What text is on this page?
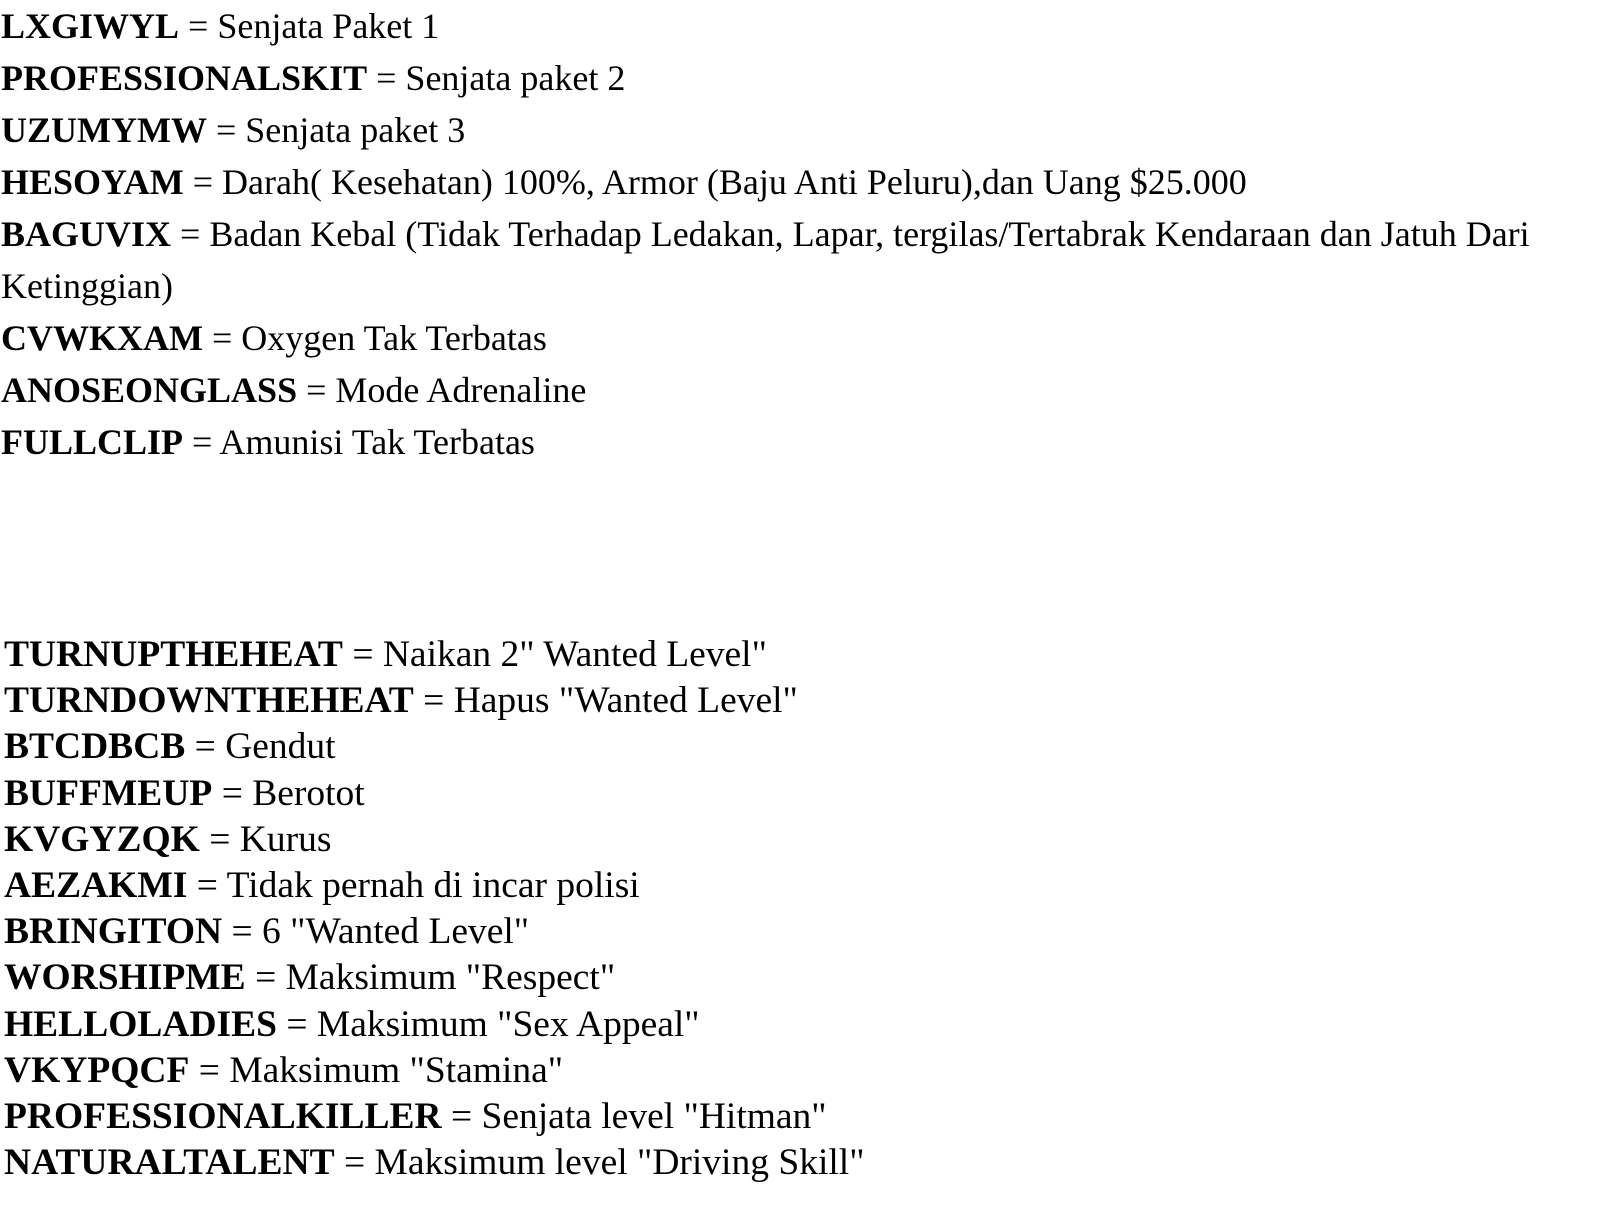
LXGIWYL = Senjata Paket 1
PROFESSIONALSKIT = Senjata paket 2
UZUMYMW = Senjata paket 3
HESOYAM = Darah( Kesehatan) 100%, Armor (Baju Anti Peluru),dan Uang $25.000
BAGUVIX = Badan Kebal (Tidak Terhadap Ledakan, Lapar, tergilas/Tertabrak Kendaraan dan Jatuh Dari Ketinggian)
CVWKXAM = Oxygen Tak Terbatas
ANOSEONGLASS = Mode Adrenaline
FULLCLIP = Amunisi Tak Terbatas
TURNUPTHEHEAT = Naikan 2" Wanted Level"
TURNDOWNTHEHEAT = Hapus "Wanted Level"
BTCDBCB = Gendut
BUFFMEUP = Berotot
KVGYZQK = Kurus
AEZAKMI = Tidak pernah di incar polisi
BRINGITON = 6 "Wanted Level"
WORSHIPME = Maksimum "Respect"
HELLOLADIES = Maksimum "Sex Appeal"
VKYPQCF = Maksimum "Stamina"
PROFESSIONALKILLER = Senjata level "Hitman"
NATURALTALENT = Maksimum level "Driving Skill"
